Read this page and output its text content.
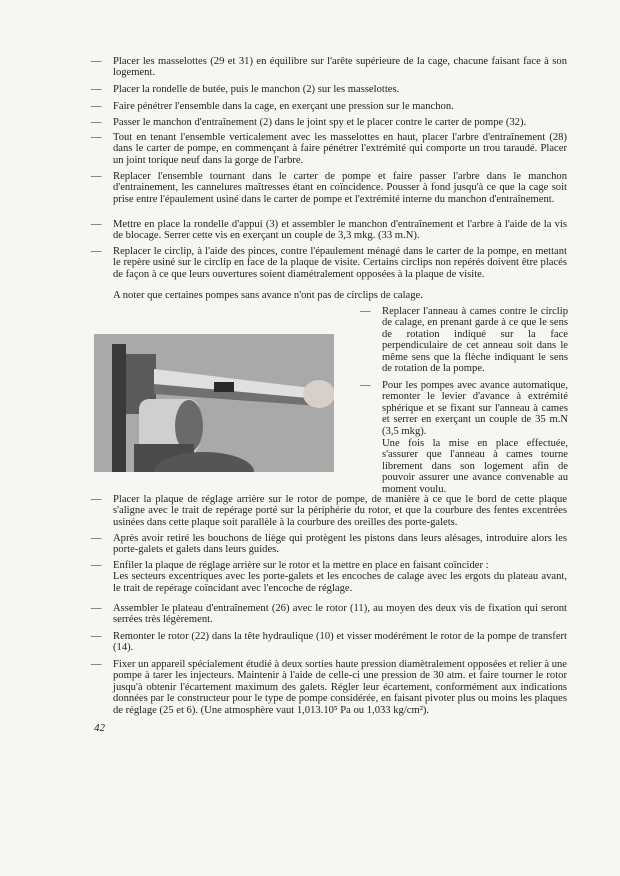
— Placer les masselottes (29 et 31) en équilibre sur l'arête supérieure de la cage, chacune faisant face à son logement.
— Placer la rondelle de butée, puis le manchon (2) sur les masselottes.
— Faire pénétrer l'ensemble dans la cage, en exerçant une pression sur le manchon.
— Passer le manchon d'entraînement (2) dans le joint spy et le placer contre le carter de pompe (32).
— Tout en tenant l'ensemble verticalement avec les masselottes en haut, placer l'arbre d'entraînement (28) dans le carter de pompe, en commençant à faire pénétrer l'extrémité qui comporte un trou taraudé. Placer un joint torique neuf dans la gorge de l'arbre.
— Replacer l'ensemble tournant dans le carter de pompe et faire passer l'arbre dans le manchon d'entrainement, les cannelures maîtresses étant en coïncidence. Pousser à fond jusqu'à ce que la cage soit prise entre l'épaulement usiné dans le carter de pompe et l'extrémité interne du manchon d'entraînement.
— Mettre en place la rondelle d'appui (3) et assembler le manchon d'entraînement et l'arbre à l'aide de la vis de blocage. Serrer cette vis en exerçant un couple de 3,3 mkg. (33 m.N).
— Replacer le circlip, à l'aide des pinces, contre l'épaulement ménagé dans le carter de la pompe, en mettant le repère usiné sur le circlip en face de la plaque de visite. Certains circlips non repérés doivent être placés de façon à ce que leurs ouvertures soient diamétralement opposées à la plaque de visite.
A noter que certaines pompes sans avance n'ont pas de circlips de calage.
— Replacer l'anneau à cames contre le circlip de calage, en prenant garde à ce que le sens de rotation indiqué sur la face perpendiculaire de cet anneau soit dans le même sens que la flèche indiquant le sens de rotation de la pompe.
— Pour les pompes avec avance automatique, remonter le levier d'avance à extrémité sphérique et se fixant sur l'anneau à cames et serrer en exerçant un couple de 35 m.N (3,5 mkg).
Une fois la mise en place effectuée, s'assurer que l'anneau à cames tourne librement dans son logement afin de pouvoir assurer une avance convenable au moment voulu.
— Placer la plaque de réglage arrière sur le rotor de pompe, de manière à ce que le bord de cette plaque s'aligne avec le trait de repérage porté sur la périphérie du rotor, et que la courbure des fentes excentrées usinées dans cette plaque soit parallèle à la courbure des oreilles des porte-galets.
— Après avoir retiré les bouchons de liège qui protègent les pistons dans leurs alésages, introduire alors les porte-galets et galets dans leurs guides.
— Enfiler la plaque de réglage arrière sur le rotor et la mettre en place en faisant coïncider :
Les secteurs excentriques avec les porte-galets et les encoches de calage avec les ergots du plateau avant, le trait de repérage coïncidant avec l'encoche de réglage.
— Assembler le plateau d'entraînement (26) avec le rotor (11), au moyen des deux vis de fixation qui seront serrées très légèrement.
— Remonter le rotor (22) dans la tête hydraulique (10) et visser modérément le rotor de la pompe de transfert (14).
— Fixer un appareil spécialement étudié à deux sorties haute pression diamètralement opposées et relier à une pompe à tarer les injecteurs. Maintenir à l'aide de celle-ci une pression de 30 atm. et faire tourner le rotor jusqu'à obtenir l'écartement maximum des galets. Régler leur écartement, conformément aux indications données par le constructeur pour le type de pompe considérée, en faisant pivoter plus ou moins les plaques de réglage (25 et 6). (Une atmosphère vaut 1,013.10⁵ Pa ou 1,033 kg/cm²).
42
